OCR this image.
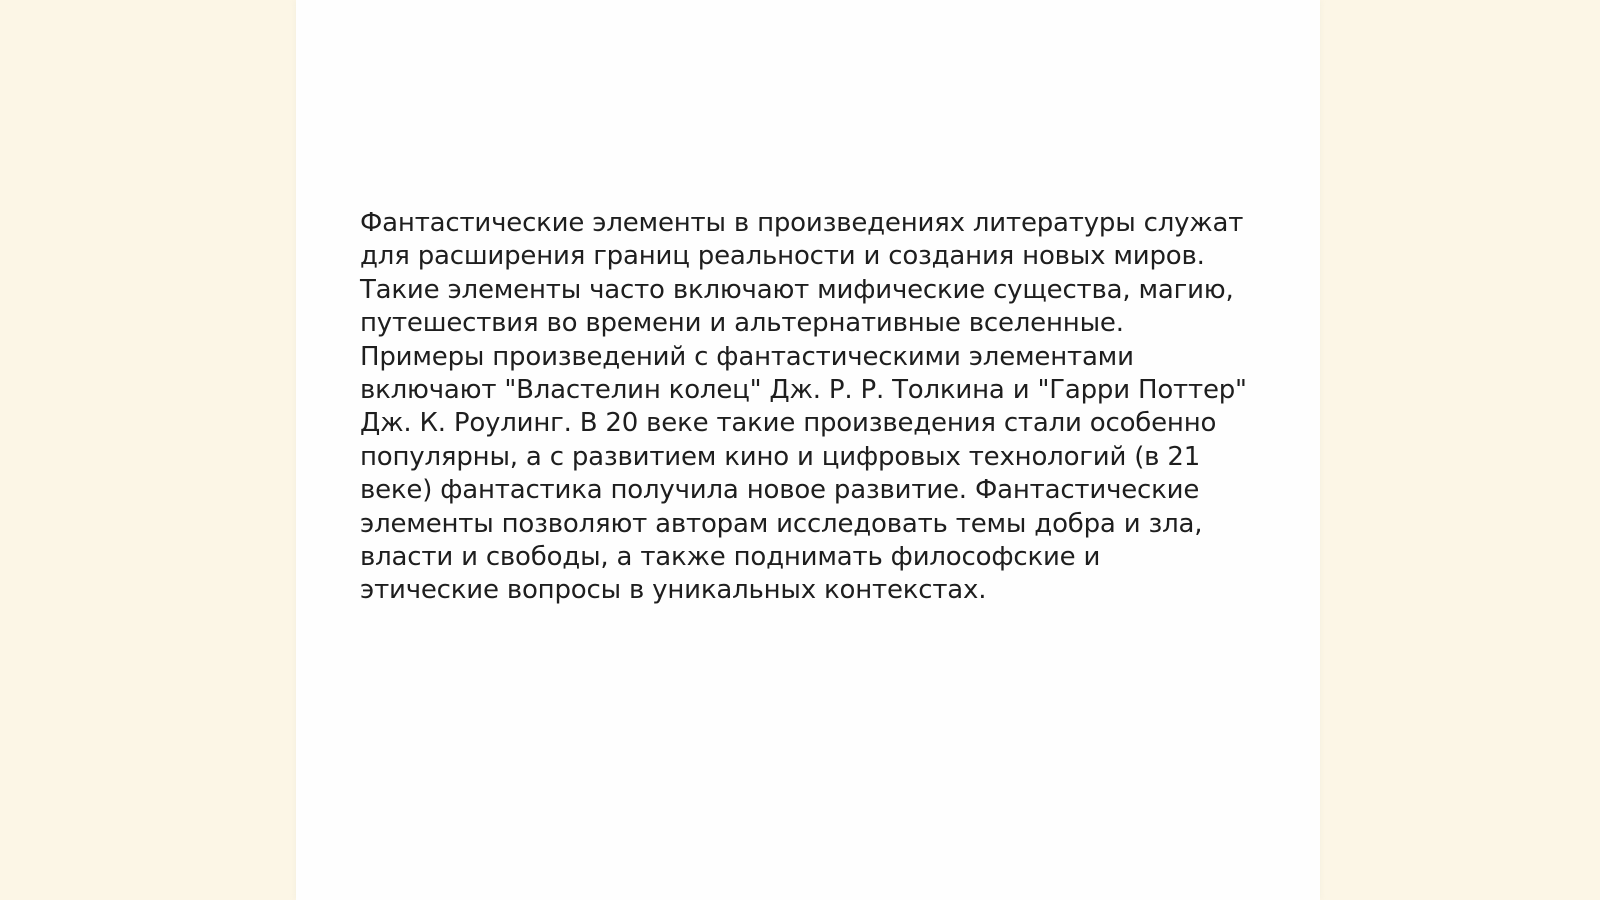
Фантастические элементы в произведениях литературы служат
для расширения границ реальности и создания новых миров.
Такие элементы часто включают мифические существа, магию,
путешествия во времени и альтернативные вселенные.
Примеры произведений с фантастическими элементами
включают "Властелин колец" Дж. Р. Р. Толкина и "Гарри Поттер"
Дж. К. Роулинг. В 20 веке такие произведения стали особенно
популярны, а с развитием кино и цифровых технологий (в 21
веке) фантастика получила новое развитие. Фантастические
элементы позволяют авторам исследовать темы добра и зла,
власти и свободы, а также поднимать философские и
этические вопросы в уникальных контекстах.
